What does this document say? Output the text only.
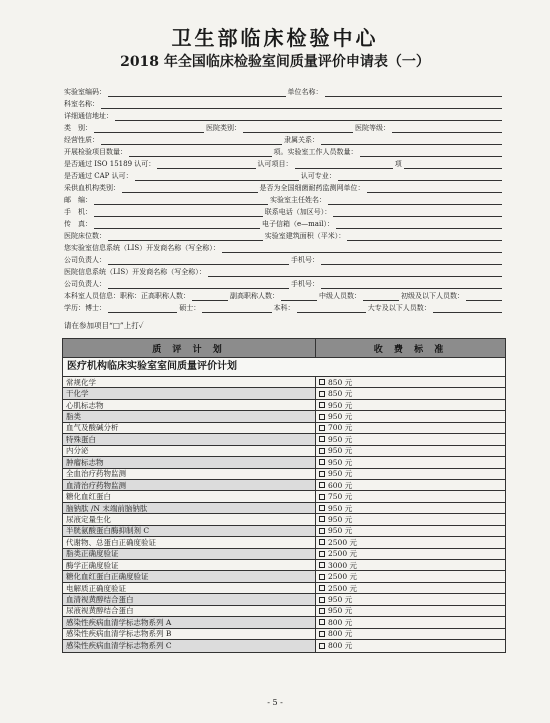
卫生部临床检验中心
2018 年全国临床检验室间质量评价申请表（一）
实验室编码：	单位名称：
科室名称：
详细通信地址：
类　别：	医院类别：	医院等级：
经营性质：	隶属关系：
开展检验项目数量：	项。实验室工作人员数量：
是否通过 ISO 15189 认可：	认可项目：	项
是否通过 CAP 认可：	认可专业：
采供血机构类别：	是否为全国细菌耐药监测网单位：
邮　编：	实验室主任姓名：
手　机：	联系电话（加区号）：
传　真：	电子信箱（e—mail）：
医院床位数：	实验室建筑面积（平米）：
您实验室信息系统（LIS）开发商名称（写全称）：
公司负责人：	手机号：
医院信息系统（LIS）开发商名称（写全称）：
公司负责人：	手机号：
本科室人员信息：职称：正高职称人数：	副高职称人数：	中级人员数：	初级及以下人员数：
学历：博士：	硕士：	本科：	大专及以下人员数：
请在参加项目“□”上打✓
质 评 计 划	收 费 标 准
医疗机构临床实验室室间质量评价计划
常规化学	850 元
干化学	850 元
心肌标志物	950 元
脂类	950 元
血气及酸碱分析	700 元
特殊蛋白	950 元
内分泌	950 元
肿瘤标志物	950 元
全血治疗药物监测	950 元
血清治疗药物监测	600 元
糖化血红蛋白	750 元
脑钠肽 /N 末端前脑钠肽	950 元
尿液定量生化	950 元
半胱氨酸蛋白酶抑制剂 C	950 元
代谢物、总蛋白正确度验证	2500 元
脂类正确度验证	2500 元
酶学正确度验证	3000 元
糖化血红蛋白正确度验证	2500 元
电解质正确度验证	2500 元
血清视黄醇结合蛋白	950 元
尿液视黄醇结合蛋白	950 元
感染性疾病血清学标志物系列 A	800 元
感染性疾病血清学标志物系列 B	800 元
感染性疾病血清学标志物系列 C	800 元
- 5 -
